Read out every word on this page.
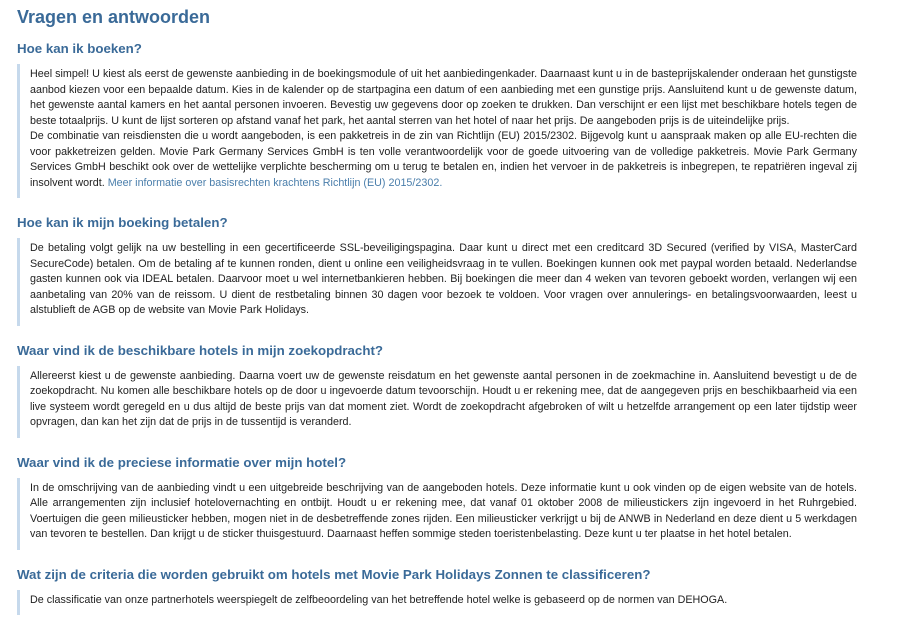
Vragen en antwoorden
Hoe kan ik boeken?

Heel simpel! U kiest als eerst de gewenste aanbieding in de boekingsmodule of uit het aanbiedingenkader. Daarnaast kunt u in de basteprijskalender onderaan het gunstigste aanbod kiezen voor een bepaalde datum. Kies in de kalender op de startpagina een datum of een aanbieding met een gunstige prijs. Aansluitend kunt u de gewenste datum, het gewenste aantal kamers en het aantal personen invoeren. Bevestig uw gegevens door op zoeken te drukken. Dan verschijnt er een lijst met beschikbare hotels tegen de beste totaalprijs. U kunt de lijst sorteren op afstand vanaf het park, het aantal sterren van het hotel of naar het prijs. De aangeboden prijs is de uiteindelijke prijs.

De combinatie van reisdiensten die u wordt aangeboden, is een pakketreis in de zin van Richtlijn (EU) 2015/2302. Bijgevolg kunt u aanspraak maken op alle EU-rechten die voor pakketreizen gelden. Movie Park Germany Services GmbH is ten volle verantwoordelijk voor de goede uitvoering van de volledige pakketreis. Movie Park Germany Services GmbH beschikt ook over de wettelijke verplichte bescherming om u terug te betalen en, indien het vervoer in de pakketreis is inbegrepen, te repatriëren ingeval zij insolvent wordt. Meer informatie over basisrechten krachtens Richtlijn (EU) 2015/2302.

Hoe kan ik mijn boeking betalen?

De betaling volgt gelijk na uw bestelling in een gecertificeerde SSL-beveiligingspagina. Daar kunt u direct met een creditcard 3D Secured (verified by VISA, MasterCard SecureCode) betalen. Om de betaling af te kunnen ronden, dient u online een veiligheidsvraag in te vullen. Boekingen kunnen ook met paypal worden betaald. Nederlandse gasten kunnen ook via IDEAL betalen. Daarvoor moet u wel internetbankieren hebben. Bij boekingen die meer dan 4 weken van tevoren geboekt worden, verlangen wij een aanbetaling van 20% van de reissom. U dient de restbetaling binnen 30 dagen voor bezoek te voldoen. Voor vragen over annulerings- en betalingsvoorwaarden, leest u alstublieft de AGB op de website van Movie Park Holidays.

Waar vind ik de beschikbare hotels in mijn zoekopdracht?

Allereerst kiest u de gewenste aanbieding. Daarna voert uw de gewenste reisdatum en het gewenste aantal personen in de zoekmachine in. Aansluitend bevestigt u de de zoekopdracht. Nu komen alle beschikbare hotels op de door u ingevoerde datum tevoorschijn. Houdt u er rekening mee, dat de aangegeven prijs en beschikbaarheid via een live systeem wordt geregeld en u dus altijd de beste prijs van dat moment ziet. Wordt de zoekopdracht afgebroken of wilt u hetzelfde arrangement op een later tijdstip weer opvragen, dan kan het zijn dat de prijs in de tussentijd is veranderd.

Waar vind ik de preciese informatie over mijn hotel?

In de omschrijving van de aanbieding vindt u een uitgebreide beschrijving van de aangeboden hotels. Deze informatie kunt u ook vinden op de eigen website van de hotels. Alle arrangementen zijn inclusief hotelovernachting en ontbijt. Houdt u er rekening mee, dat vanaf 01 oktober 2008 de milieustickers zijn ingevoerd in het Ruhrgebied. Voertuigen die geen milieusticker hebben, mogen niet in de desbetreffende zones rijden. Een milieusticker verkrijgt u bij de ANWB in Nederland en deze dient u 5 werkdagen van tevoren te bestellen. Dan krijgt u de sticker thuisgestuurd. Daarnaast heffen sommige steden toeristenbelasting. Deze kunt u ter plaatse in het hotel betalen.

Wat zijn de criteria die worden gebruikt om hotels met Movie Park Holidays Zonnen te classificeren?

De classificatie van onze partnerhotels weerspiegelt de zelfbeoordeling van het betreffende hotel welke is gebaseerd op de normen van DEHOGA.
